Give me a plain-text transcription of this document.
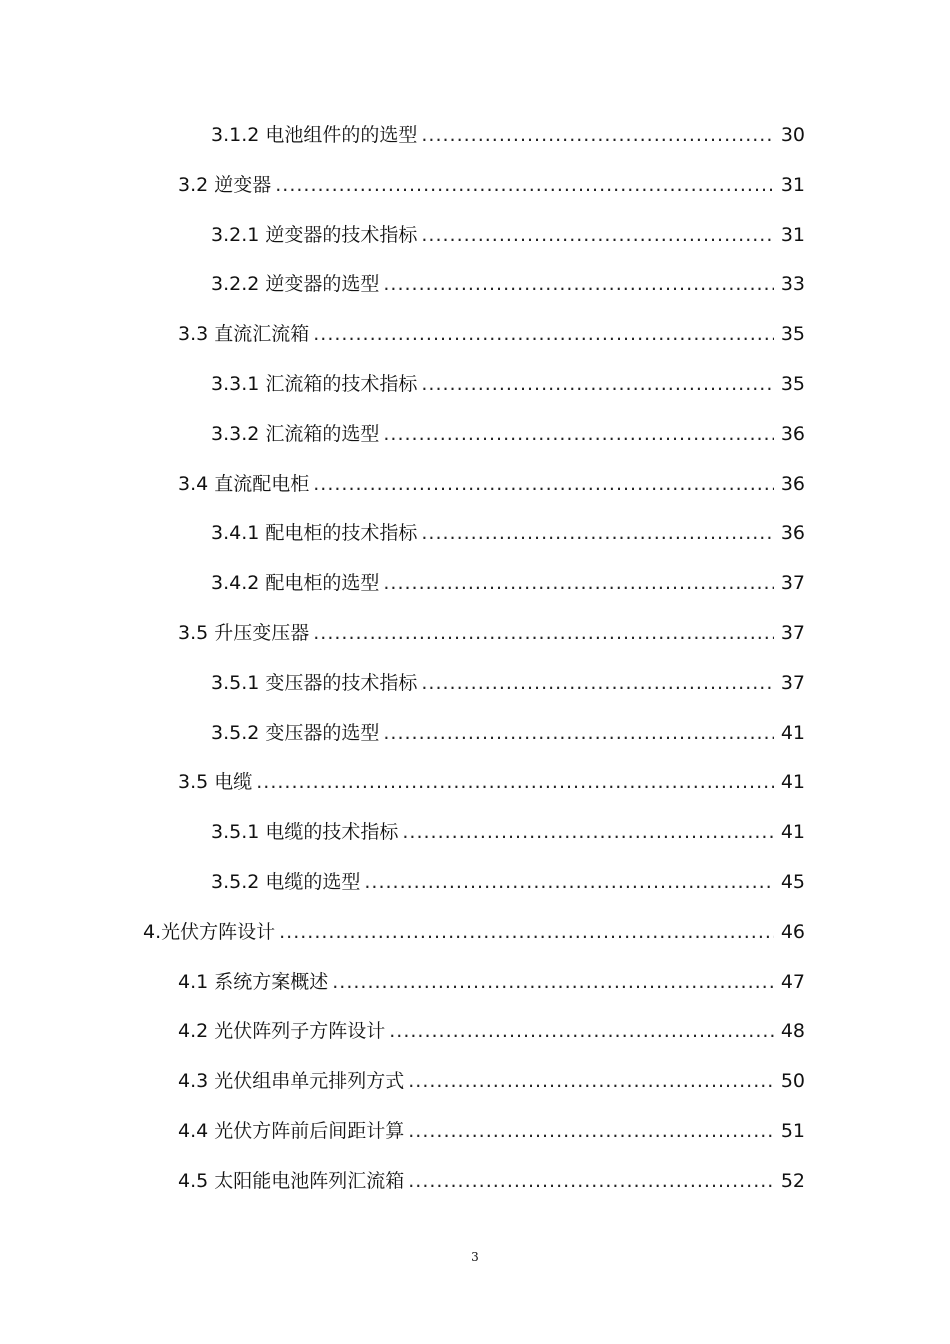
3.1.2 电池组件的的选型 .....	30
3.2 逆变器 .....	31
3.2.1 逆变器的技术指标 .....	31
3.2.2 逆变器的选型 .....	33
3.3 直流汇流箱 .....	35
3.3.1 汇流箱的技术指标 .....	35
3.3.2 汇流箱的选型 .....	36
3.4 直流配电柜 .....	36
3.4.1 配电柜的技术指标 .....	36
3.4.2 配电柜的选型 .....	37
3.5 升压变压器 .....	37
3.5.1 变压器的技术指标 .....	37
3.5.2 变压器的选型 .....	41
3.5 电缆 .....	41
3.5.1 电缆的技术指标 .....	41
3.5.2 电缆的选型 .....	45
4.光伏方阵设计 .....	46
4.1 系统方案概述 .....	47
4.2 光伏阵列子方阵设计 .....	48
4.3 光伏组串单元排列方式 .....	50
4.4 光伏方阵前后间距计算 .....	51
4.5 太阳能电池阵列汇流箱 .....	52
3
